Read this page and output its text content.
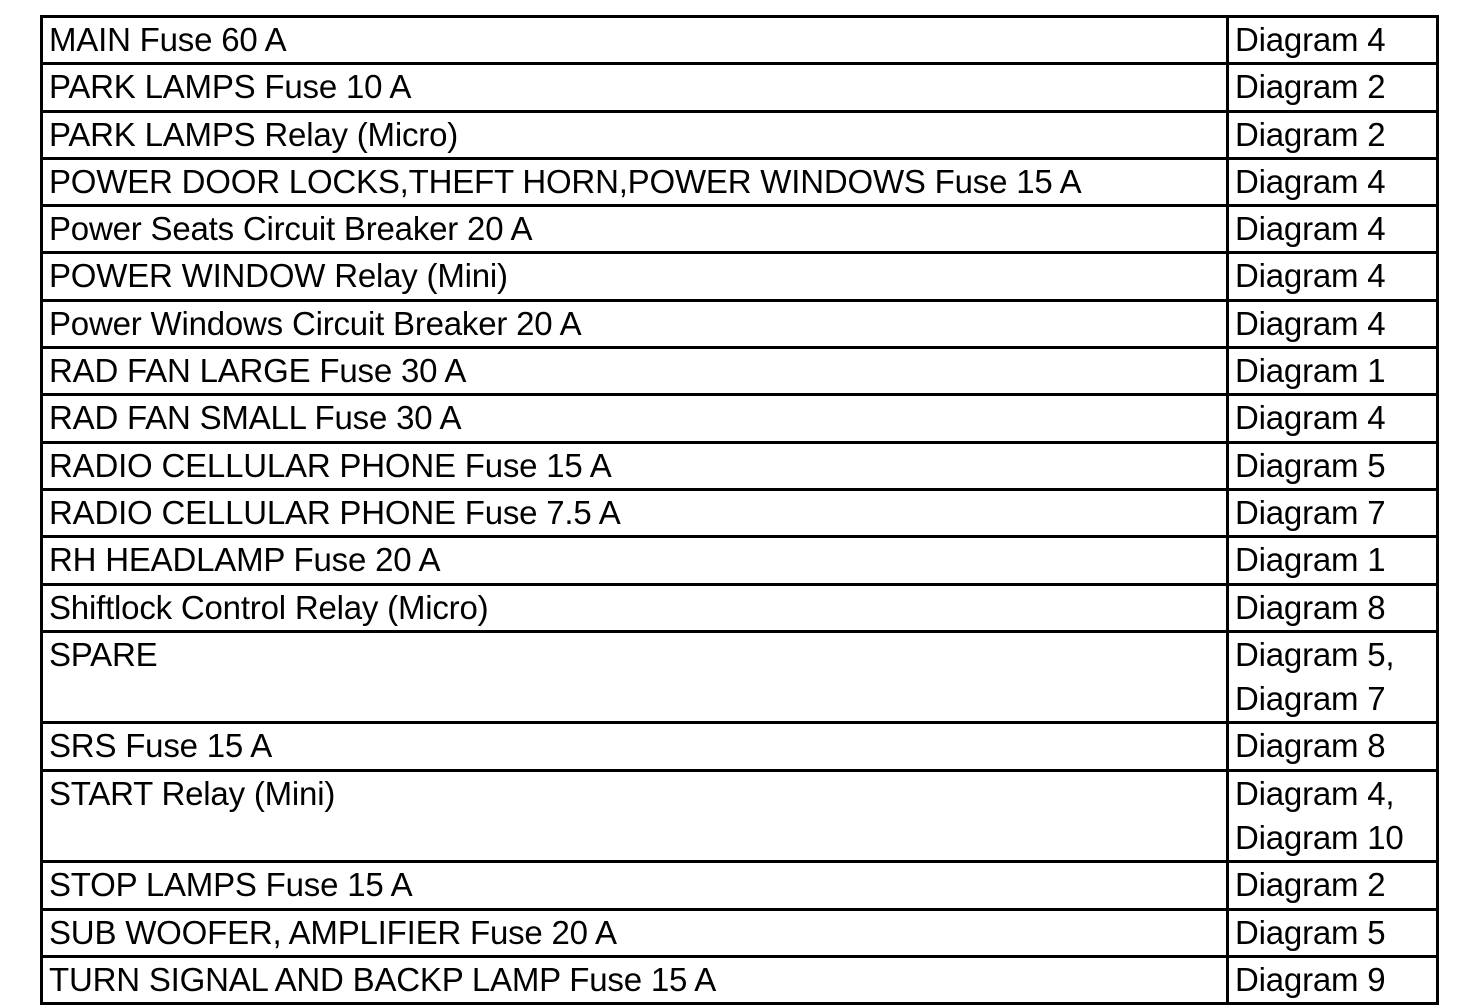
MAIN Fuse 60 A	Diagram 4

PARK LAMPS Fuse 10 A	Diagram 2

PARK LAMPS Relay (Micro)	Diagram 2

POWER DOOR LOCKS,THEFT HORN,POWER WINDOWS Fuse 15 A	Diagram 4

Power Seats Circuit Breaker 20 A	Diagram 4

POWER WINDOW Relay (Mini)	Diagram 4

Power Windows Circuit Breaker 20 A	Diagram 4

RAD FAN LARGE Fuse 30 A	Diagram 1

RAD FAN SMALL Fuse 30 A	Diagram 4

RADIO CELLULAR PHONE Fuse 15 A	Diagram 5

RADIO CELLULAR PHONE Fuse 7.5 A	Diagram 7

RH HEADLAMP Fuse 20 A	Diagram 1

Shiftlock Control Relay (Micro)	Diagram 8

SPARE	Diagram 5,
Diagram 7

SRS Fuse 15 A	Diagram 8

START Relay (Mini)	Diagram 4,
Diagram 10

STOP LAMPS Fuse 15 A	Diagram 2

SUB WOOFER, AMPLIFIER Fuse 20 A	Diagram 5

TURN SIGNAL AND BACKP LAMP Fuse 15 A	Diagram 9
